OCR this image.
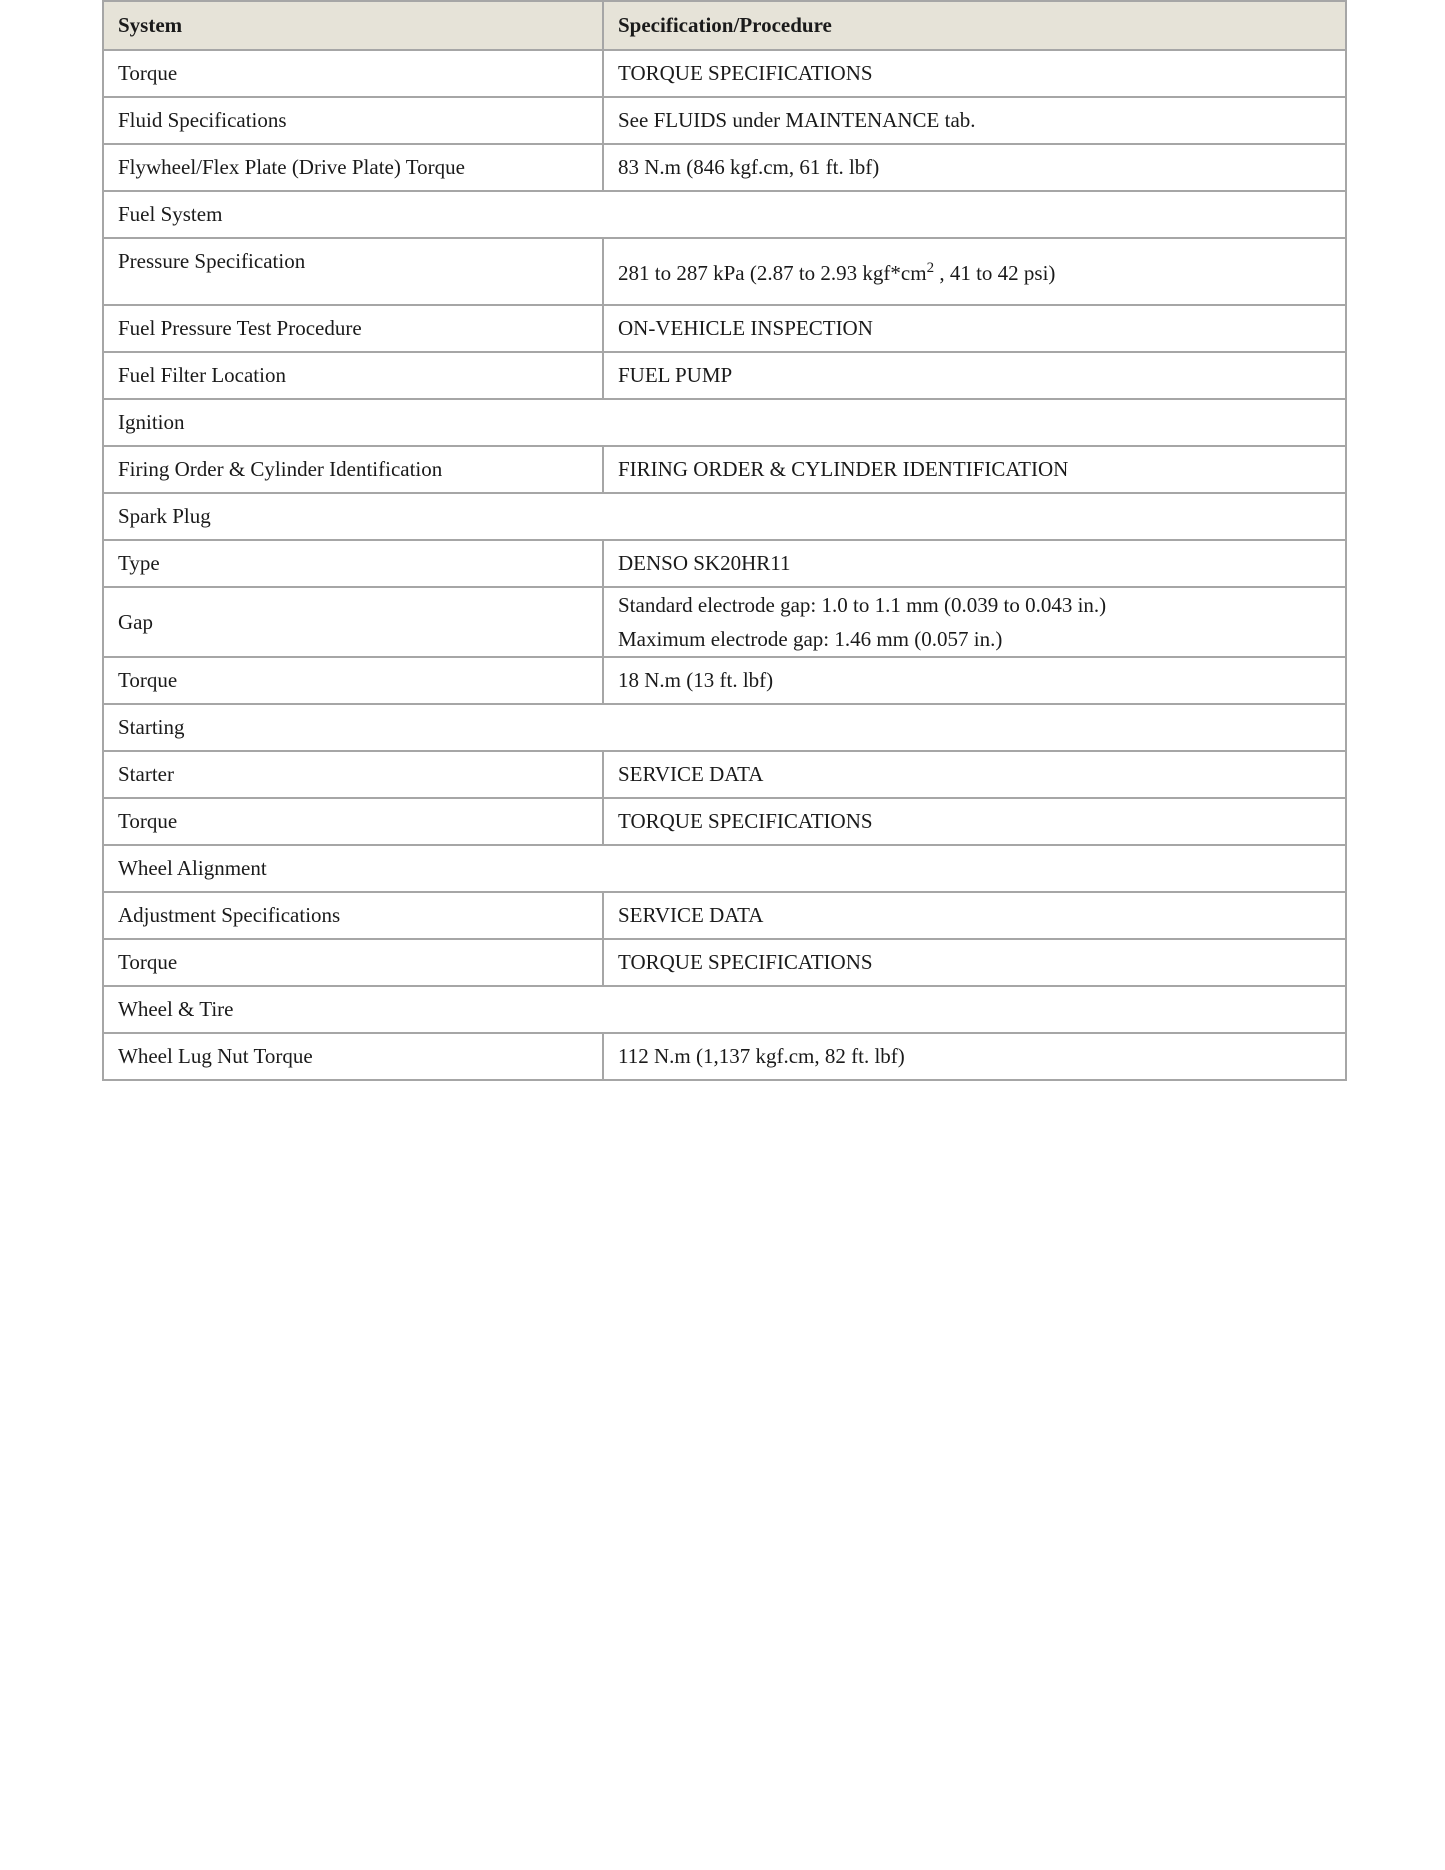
System	Specification/Procedure
Torque	TORQUE SPECIFICATIONS
Fluid Specifications	See FLUIDS under MAINTENANCE tab.
Flywheel/Flex Plate (Drive Plate) Torque	83 N.m (846 kgf.cm, 61 ft. lbf)
Fuel System	
Pressure Specification	281 to 287 kPa (2.87 to 2.93 $kgf*cm^2$ , 41 to 42 psi)
Fuel Pressure Test Procedure	ON-VEHICLE INSPECTION
Fuel Filter Location	FUEL PUMP
Ignition	
Firing Order & Cylinder Identification	FIRING ORDER & CYLINDER IDENTIFICATION
Spark Plug	
Type	DENSO SK20HR11
Gap	Standard electrode gap: 1.0 to 1.1 mm (0.039 to 0.043 in.)
Maximum electrode gap: 1.46 mm (0.057 in.)

Torque	18 N.m (13 ft. lbf)
Starting	
Starter	SERVICE DATA
Torque	TORQUE SPECIFICATIONS
Wheel Alignment	
Adjustment Specifications	SERVICE DATA
Torque	TORQUE SPECIFICATIONS
Wheel & Tire	
Wheel Lug Nut Torque	112 N.m (1,137 kgf.cm, 82 ft. lbf)
